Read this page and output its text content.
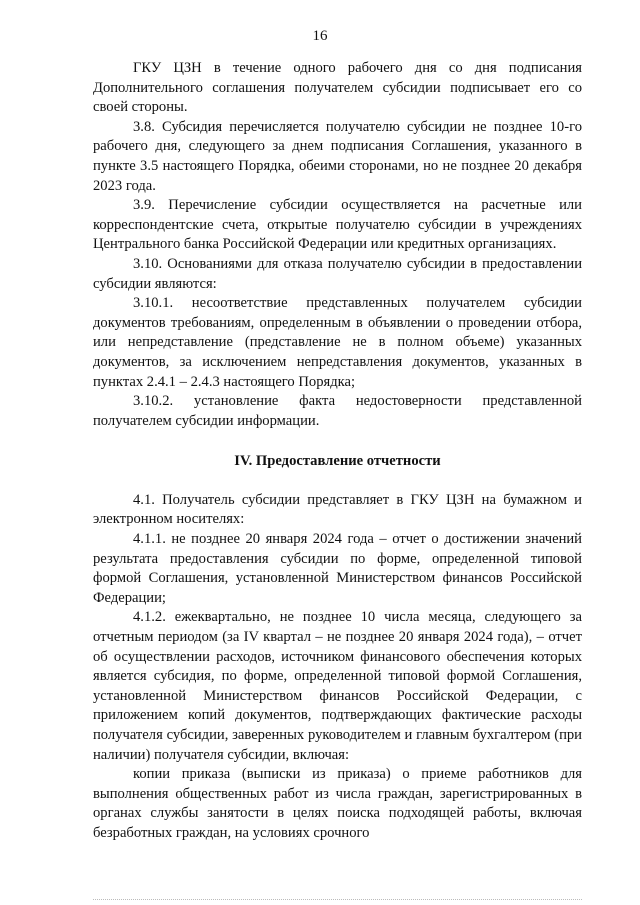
16

ГКУ ЦЗН в течение одного рабочего дня со дня подписания Дополнительного соглашения получателем субсидии подписывает его со своей стороны.

3.8. Субсидия перечисляется получателю субсидии не позднее 10-го рабочего дня, следующего за днем подписания Соглашения, указанного в пункте 3.5 настоящего Порядка, обеими сторонами, но не позднее 20 декабря 2023 года.

3.9. Перечисление субсидии осуществляется на расчетные или корреспондентские счета, открытые получателю субсидии в учреждениях Центрального банка Российской Федерации или кредитных организациях.

3.10. Основаниями для отказа получателю субсидии в предоставлении субсидии являются:

3.10.1. несоответствие представленных получателем субсидии документов требованиям, определенным в объявлении о проведении отбора, или непредставление (представление не в полном объеме) указанных документов, за исключением непредставления документов, указанных в пунктах 2.4.1 – 2.4.3 настоящего Порядка;

3.10.2. установление факта недостоверности представленной получателем субсидии информации.

IV. Предоставление отчетности

4.1. Получатель субсидии представляет в ГКУ ЦЗН на бумажном и электронном носителях:

4.1.1. не позднее 20 января 2024 года – отчет о достижении значений результата предоставления субсидии по форме, определенной типовой формой Соглашения, установленной Министерством финансов Российской Федерации;

4.1.2. ежеквартально, не позднее 10 числа месяца, следующего за отчетным периодом (за IV квартал – не позднее 20 января 2024 года), – отчет об осуществлении расходов, источником финансового обеспечения которых является субсидия, по форме, определенной типовой формой Соглашения, установленной Министерством финансов Российской Федерации, с приложением копий документов, подтверждающих фактические расходы получателя субсидии, заверенных руководителем и главным бухгалтером (при наличии) получателя субсидии, включая:

копии приказа (выписки из приказа) о приеме работников для выполнения общественных работ из числа граждан, зарегистрированных в органах службы занятости в целях поиска подходящей работы, включая безработных граждан, на условиях срочного
